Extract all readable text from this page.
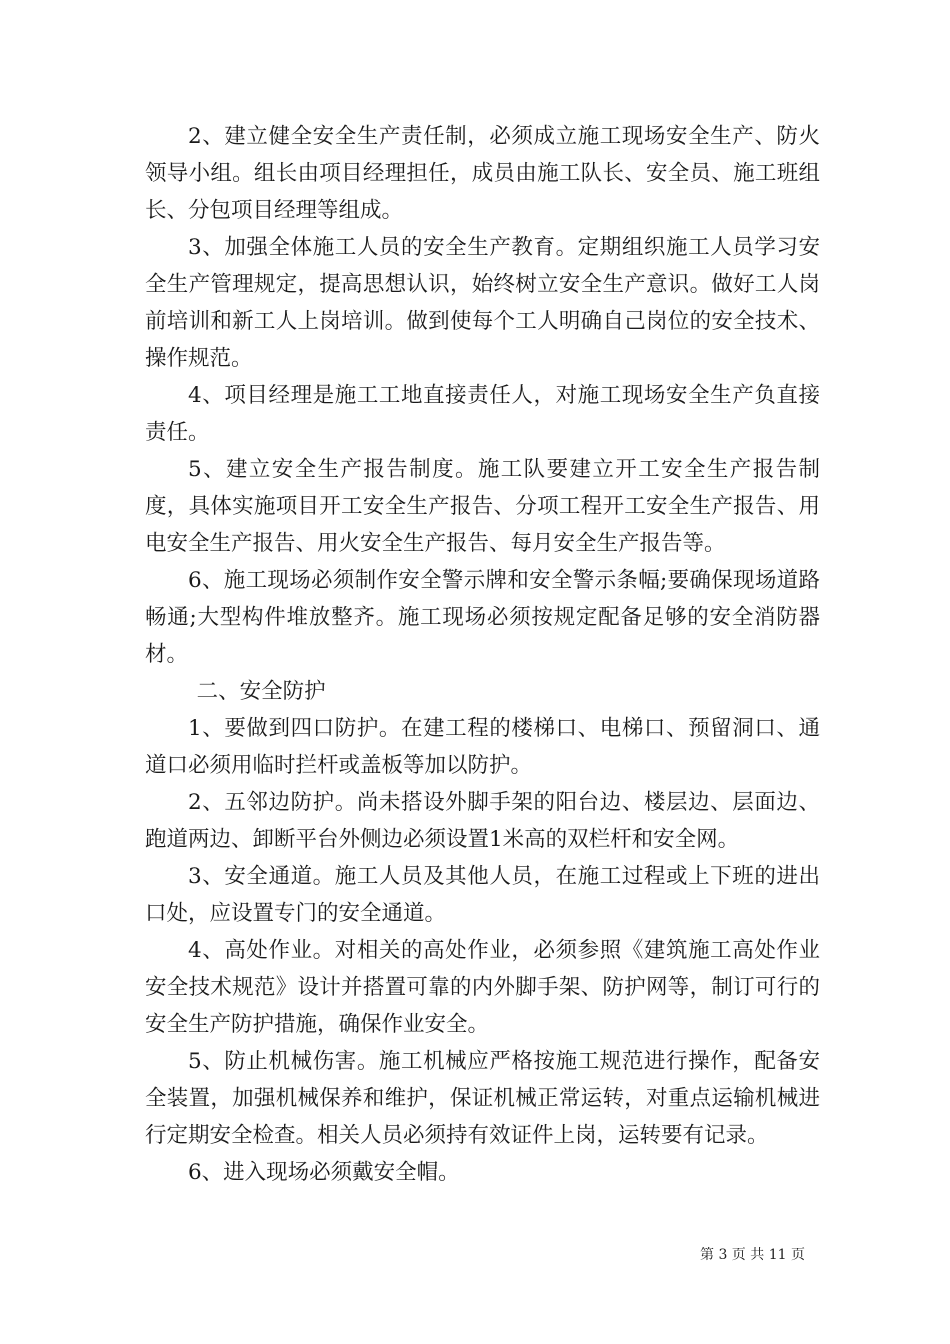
2、建立健全安全生产责任制，必须成立施工现场安全生产、防火领导小组。组长由项目经理担任，成员由施工队长、安全员、施工班组长、分包项目经理等组成。

3、加强全体施工人员的安全生产教育。定期组织施工人员学习安全生产管理规定，提高思想认识，始终树立安全生产意识。做好工人岗前培训和新工人上岗培训。做到使每个工人明确自己岗位的安全技术、操作规范。

4、项目经理是施工工地直接责任人，对施工现场安全生产负直接责任。

5、建立安全生产报告制度。施工队要建立开工安全生产报告制度，具体实施项目开工安全生产报告、分项工程开工安全生产报告、用电安全生产报告、用火安全生产报告、每月安全生产报告等。

6、施工现场必须制作安全警示牌和安全警示条幅;要确保现场道路畅通;大型构件堆放整齐。施工现场必须按规定配备足够的安全消防器材。

二、安全防护

1、要做到四口防护。在建工程的楼梯口、电梯口、预留洞口、通道口必须用临时拦杆或盖板等加以防护。

2、五邻边防护。尚未搭设外脚手架的阳台边、楼层边、层面边、跑道两边、卸断平台外侧边必须设置1米高的双栏杆和安全网。

3、安全通道。施工人员及其他人员，在施工过程或上下班的进出口处，应设置专门的安全通道。

4、高处作业。对相关的高处作业，必须参照《建筑施工高处作业安全技术规范》设计并搭置可靠的内外脚手架、防护网等，制订可行的安全生产防护措施，确保作业安全。

5、防止机械伤害。施工机械应严格按施工规范进行操作，配备安全装置，加强机械保养和维护，保证机械正常运转，对重点运输机械进行定期安全检查。相关人员必须持有效证件上岗，运转要有记录。

6、进入现场必须戴安全帽。

第 3 页 共 11 页
